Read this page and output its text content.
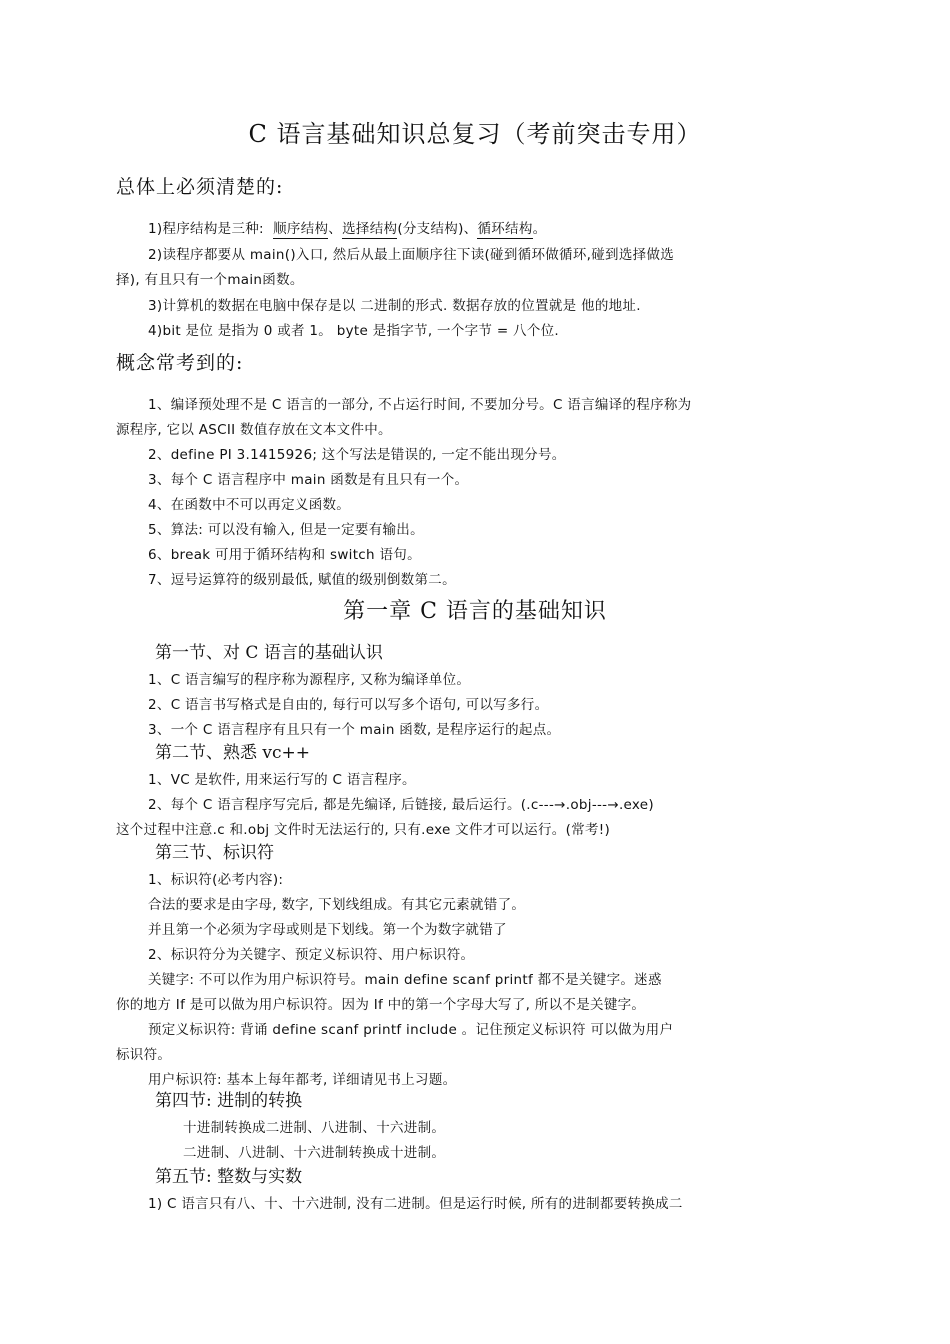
C 语言基础知识总复习（考前突击专用）
总体上必须清楚的:
1)程序结构是三种: 顺序结构、选择结构(分支结构)、循环结构。
2)读程序都要从 main()入口, 然后从最上面顺序往下读(碰到循环做循环,碰到选择做选
择), 有且只有一个main函数。
3)计算机的数据在电脑中保存是以 二进制的形式. 数据存放的位置就是 他的地址.
4)bit 是位 是指为 0 或者 1。 byte 是指字节, 一个字节 = 八个位.
概念常考到的:
1、编译预处理不是 C 语言的一部分, 不占运行时间, 不要加分号。C 语言编译的程序称为
源程序, 它以 ASCII 数值存放在文本文件中。
2、define PI 3.1415926; 这个写法是错误的, 一定不能出现分号。
3、每个 C 语言程序中 main 函数是有且只有一个。
4、在函数中不可以再定义函数。
5、算法: 可以没有输入, 但是一定要有输出。
6、break 可用于循环结构和 switch 语句。
7、逗号运算符的级别最低, 赋值的级别倒数第二。
第一章 C 语言的基础知识
第一节、对 C 语言的基础认识
1、C 语言编写的程序称为源程序, 又称为编译单位。
2、C 语言书写格式是自由的, 每行可以写多个语句, 可以写多行。
3、一个 C 语言程序有且只有一个 main 函数, 是程序运行的起点。
第二节、熟悉 vc++
1、VC 是软件, 用来运行写的 C 语言程序。
2、每个 C 语言程序写完后, 都是先编译, 后链接, 最后运行。(.c---→.obj---→.exe)
这个过程中注意.c 和.obj 文件时无法运行的, 只有.exe 文件才可以运行。(常考!)
第三节、标识符
1、标识符(必考内容):
合法的要求是由字母, 数字, 下划线组成。有其它元素就错了。
并且第一个必须为字母或则是下划线。第一个为数字就错了
2、标识符分为关键字、预定义标识符、用户标识符。
关键字: 不可以作为用户标识符号。main define scanf printf 都不是关键字。迷惑
你的地方 If 是可以做为用户标识符。因为 If 中的第一个字母大写了, 所以不是关键字。
预定义标识符: 背诵 define scanf printf include 。记住预定义标识符 可以做为用户
标识符。
用户标识符: 基本上每年都考, 详细请见书上习题。
第四节: 进制的转换
十进制转换成二进制、八进制、十六进制。
二进制、八进制、十六进制转换成十进制。
第五节: 整数与实数
1) C 语言只有八、十、十六进制, 没有二进制。但是运行时候, 所有的进制都要转换成二
